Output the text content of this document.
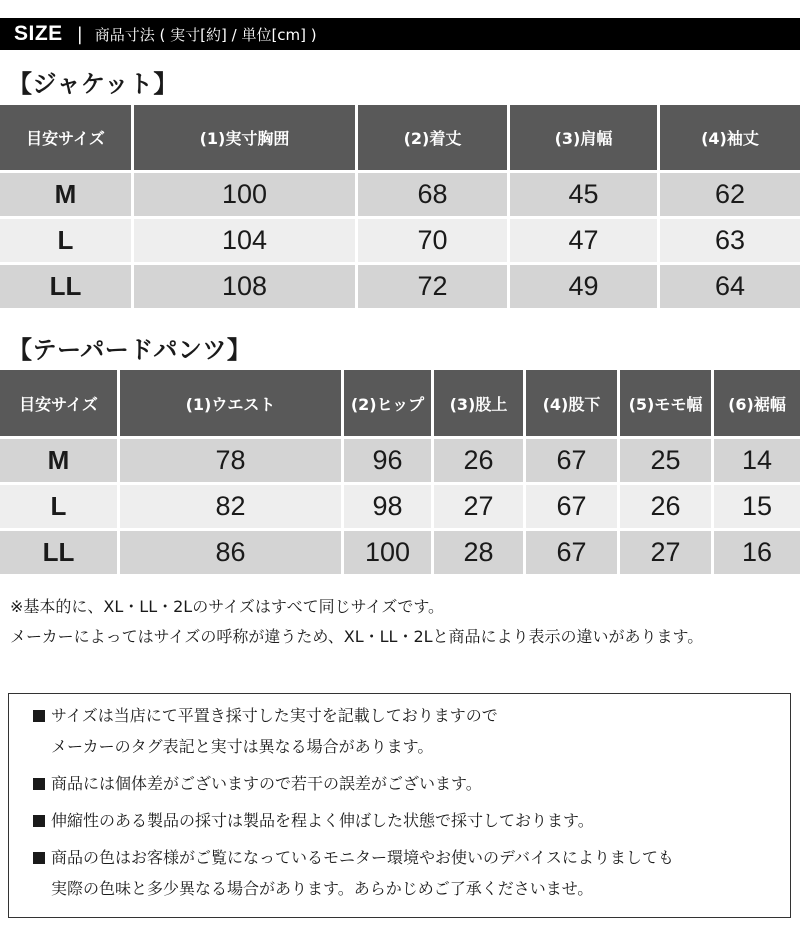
SIZE | 商品寸法 ( 実寸[約] / 単位[cm] )
【ジャケット】
目安サイズ	(1)実寸胸囲	(2)着丈	(3)肩幅	(4)袖丈
M	100	68	45	62
L	104	70	47	63
LL	108	72	49	64
【テーパードパンツ】
目安サイズ	(1)ウエスト	(2)ヒップ	(3)股上	(4)股下	(5)モモ幅	(6)裾幅
M	78	96	26	67	25	14
L	82	98	27	67	26	15
LL	86	100	28	67	27	16

※基本的に、XL・LL・2Lのサイズはすべて同じサイズです。

メーカーによってはサイズの呼称が違うため、XL・LL・2Lと商品により表示の違いがあります。

サイズは当店にて平置き採寸した実寸を記載しておりますので

メーカーのタグ表記と実寸は異なる場合があります。

商品には個体差がございますので若干の誤差がございます。

伸縮性のある製品の採寸は製品を程よく伸ばした状態で採寸しております。

商品の色はお客様がご覧になっているモニター環境やお使いのデバイスによりましても

実際の色味と多少異なる場合があります。あらかじめご了承くださいませ。
